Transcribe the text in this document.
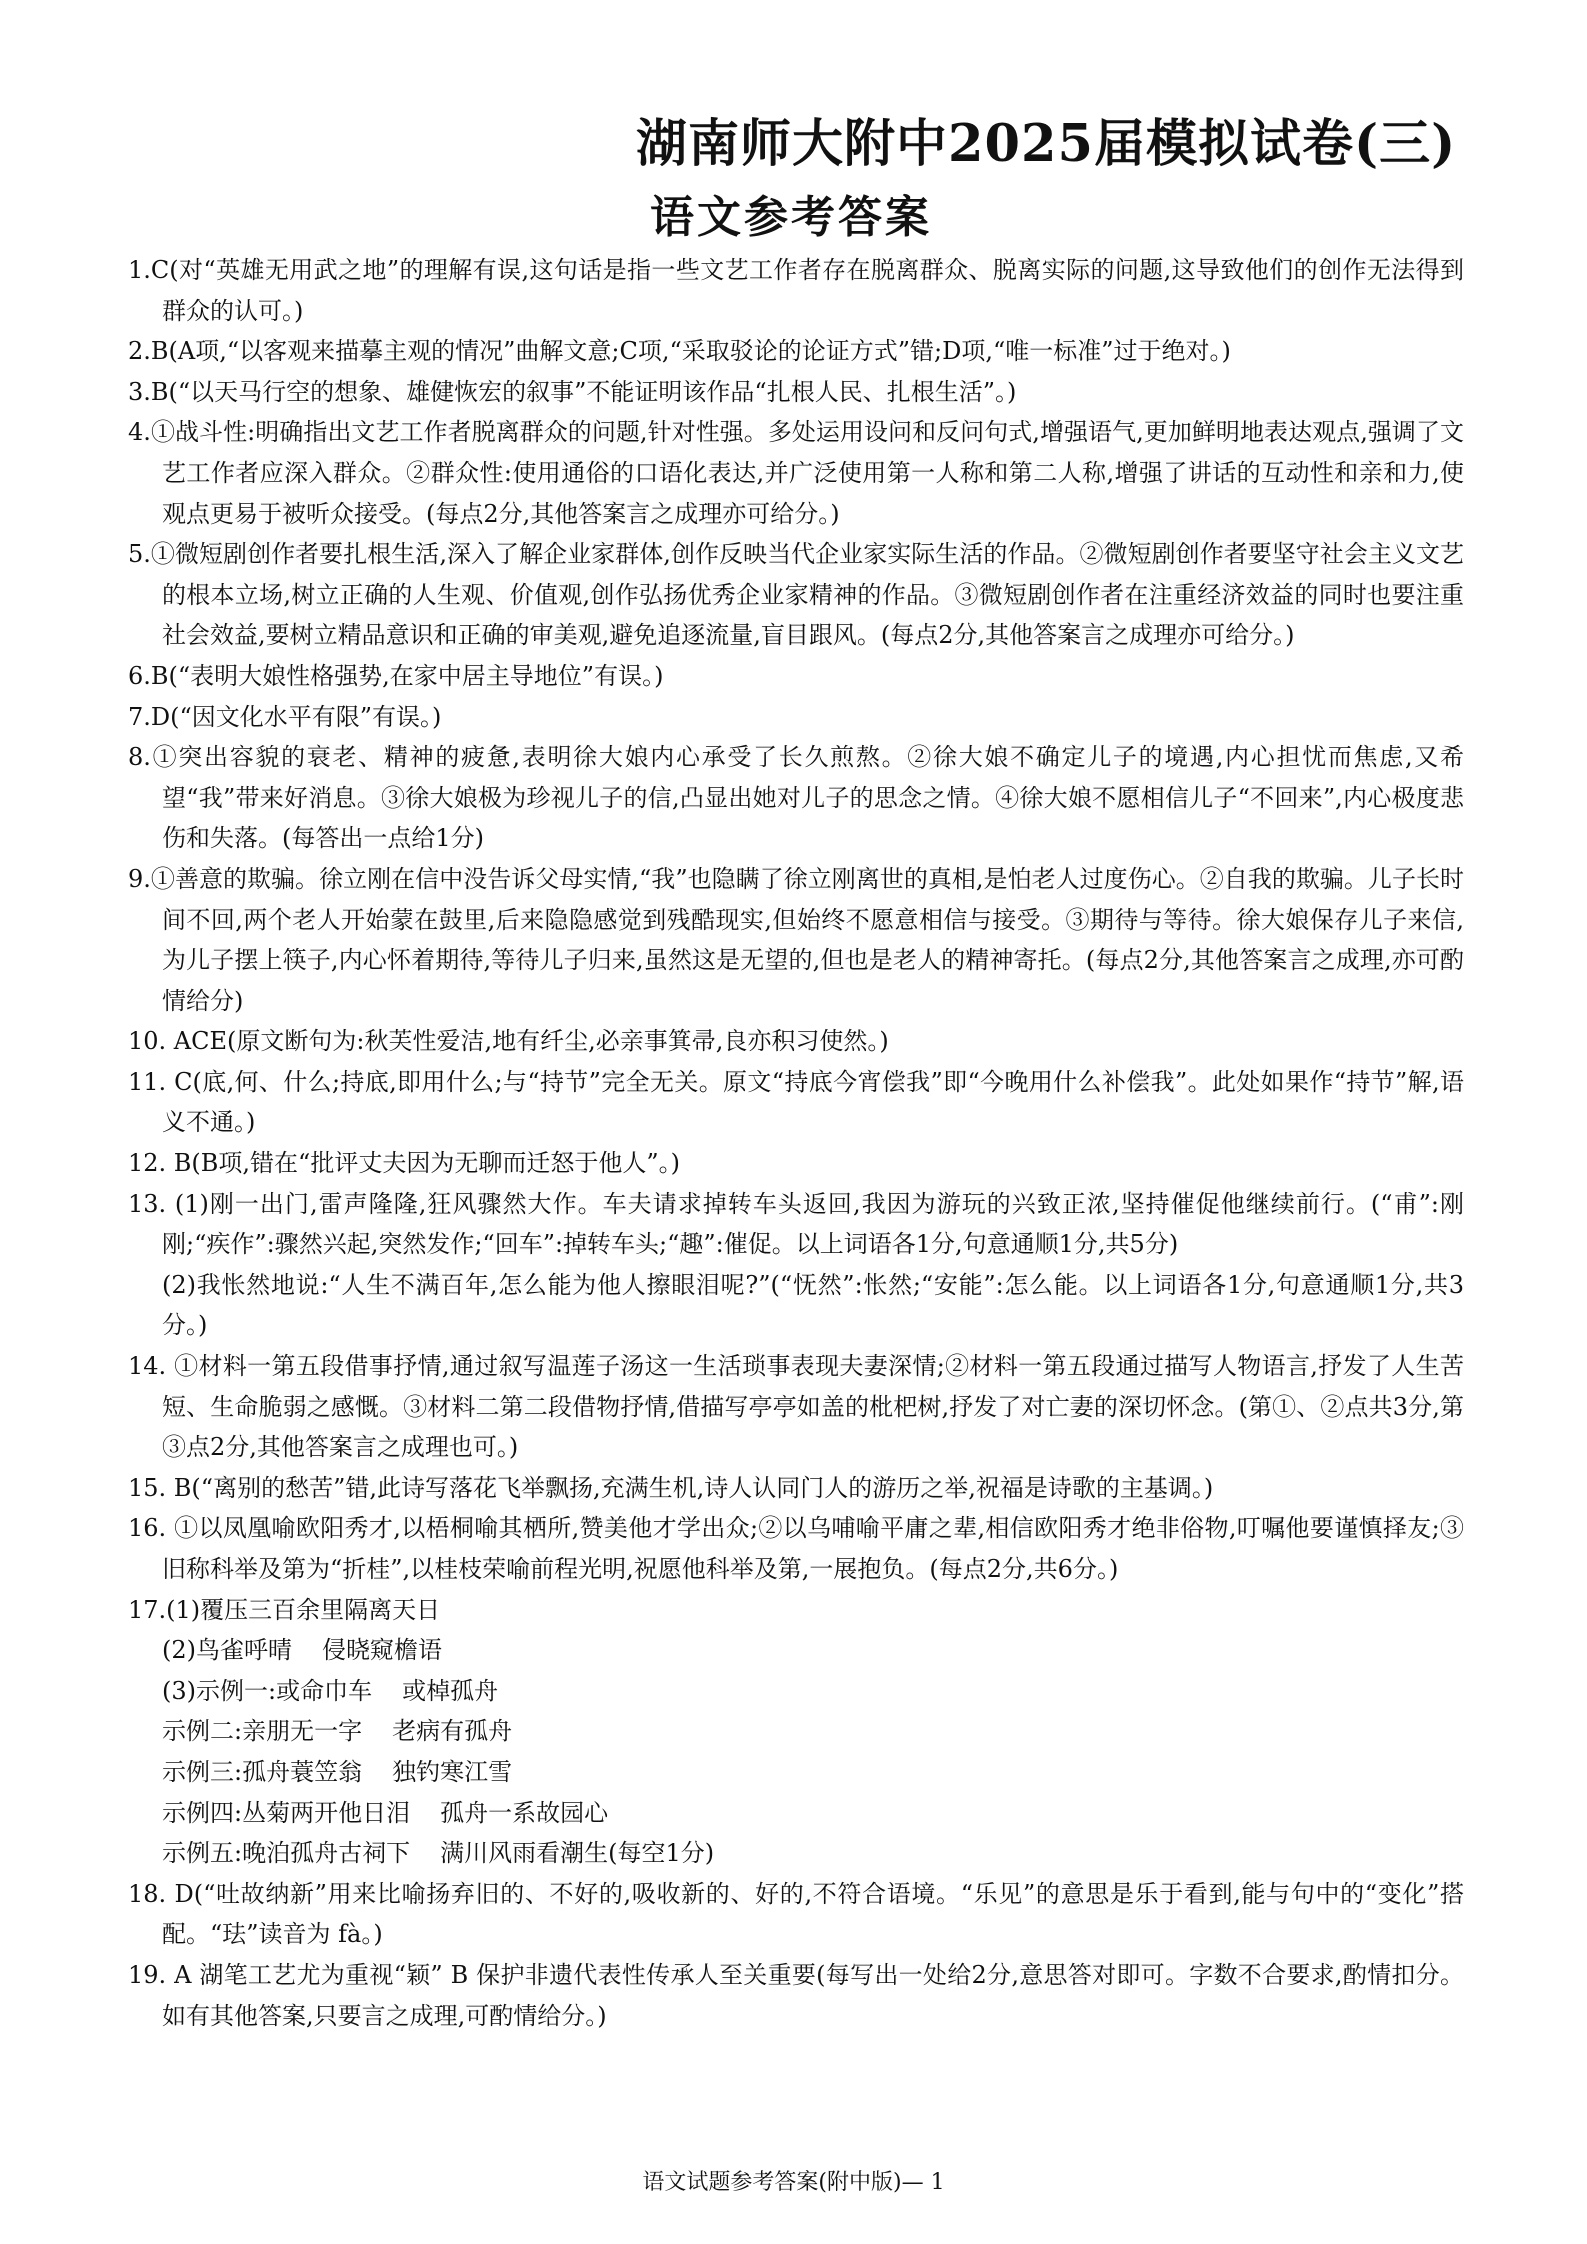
湖南师大附中2025届模拟试卷(三)
语文参考答案

1.C(对“英雄无用武之地”的理解有误,这句话是指一些文艺工作者存在脱离群众、脱离实际的问题,这导致他们的创作无法得到群众的认可。)

2.B(A项,“以客观来描摹主观的情况”曲解文意;C项,“采取驳论的论证方式”错;D项,“唯一标准”过于绝对。)

3.B(“以天马行空的想象、雄健恢宏的叙事”不能证明该作品“扎根人民、扎根生活”。)

4.①战斗性:明确指出文艺工作者脱离群众的问题,针对性强。多处运用设问和反问句式,增强语气,更加鲜明地表达观点,强调了文艺工作者应深入群众。②群众性:使用通俗的口语化表达,并广泛使用第一人称和第二人称,增强了讲话的互动性和亲和力,使观点更易于被听众接受。(每点2分,其他答案言之成理亦可给分。)

5.①微短剧创作者要扎根生活,深入了解企业家群体,创作反映当代企业家实际生活的作品。②微短剧创作者要坚守社会主义文艺的根本立场,树立正确的人生观、价值观,创作弘扬优秀企业家精神的作品。③微短剧创作者在注重经济效益的同时也要注重社会效益,要树立精品意识和正确的审美观,避免追逐流量,盲目跟风。(每点2分,其他答案言之成理亦可给分。)

6.B(“表明大娘性格强势,在家中居主导地位”有误。)

7.D(“因文化水平有限”有误。)

8.①突出容貌的衰老、精神的疲惫,表明徐大娘内心承受了长久煎熬。②徐大娘不确定儿子的境遇,内心担忧而焦虑,又希望“我”带来好消息。③徐大娘极为珍视儿子的信,凸显出她对儿子的思念之情。④徐大娘不愿相信儿子“不回来”,内心极度悲伤和失落。(每答出一点给1分)

9.①善意的欺骗。徐立刚在信中没告诉父母实情,“我”也隐瞒了徐立刚离世的真相,是怕老人过度伤心。②自我的欺骗。儿子长时间不回,两个老人开始蒙在鼓里,后来隐隐感觉到残酷现实,但始终不愿意相信与接受。③期待与等待。徐大娘保存儿子来信,为儿子摆上筷子,内心怀着期待,等待儿子归来,虽然这是无望的,但也是老人的精神寄托。(每点2分,其他答案言之成理,亦可酌情给分)

10. ACE(原文断句为:秋芙性爱洁,地有纤尘,必亲事箕帚,良亦积习使然。)

11. C(底,何、什么;持底,即用什么;与“持节”完全无关。原文“持底今宵偿我”即“今晚用什么补偿我”。此处如果作“持节”解,语义不通。)

12. B(B项,错在“批评丈夫因为无聊而迁怒于他人”。)

13. (1)刚一出门,雷声隆隆,狂风骤然大作。车夫请求掉转车头返回,我因为游玩的兴致正浓,坚持催促他继续前行。(“甫”:刚刚;“疾作”:骤然兴起,突然发作;“回车”:掉转车头;“趣”:催促。以上词语各1分,句意通顺1分,共5分)

(2)我怅然地说:“人生不满百年,怎么能为他人擦眼泪呢?”(“怃然”:怅然;“安能”:怎么能。以上词语各1分,句意通顺1分,共3分。)

14. ①材料一第五段借事抒情,通过叙写温莲子汤这一生活琐事表现夫妻深情;②材料一第五段通过描写人物语言,抒发了人生苦短、生命脆弱之感慨。③材料二第二段借物抒情,借描写亭亭如盖的枇杷树,抒发了对亡妻的深切怀念。(第①、②点共3分,第③点2分,其他答案言之成理也可。)

15. B(“离别的愁苦”错,此诗写落花飞举飘扬,充满生机,诗人认同门人的游历之举,祝福是诗歌的主基调。)

16. ①以凤凰喻欧阳秀才,以梧桐喻其栖所,赞美他才学出众;②以乌哺喻平庸之辈,相信欧阳秀才绝非俗物,叮嘱他要谨慎择友;③旧称科举及第为“折桂”,以桂枝荣喻前程光明,祝愿他科举及第,一展抱负。(每点2分,共6分。)

17.(1)覆压三百余里隔离天日

(2)鸟雀呼晴 侵晓窥檐语

(3)示例一:或命巾车 或棹孤舟

示例二:亲朋无一字 老病有孤舟

示例三:孤舟蓑笠翁 独钓寒江雪

示例四:丛菊两开他日泪 孤舟一系故园心

示例五:晚泊孤舟古祠下 满川风雨看潮生(每空1分)

18. D(“吐故纳新”用来比喻扬弃旧的、不好的,吸收新的、好的,不符合语境。“乐见”的意思是乐于看到,能与句中的“变化”搭配。“珐”读音为 fà。)

19. A 湖笔工艺尤为重视“颖” B 保护非遗代表性传承人至关重要(每写出一处给2分,意思答对即可。字数不合要求,酌情扣分。如有其他答案,只要言之成理,可酌情给分。)

语文试题参考答案(附中版)— 1
